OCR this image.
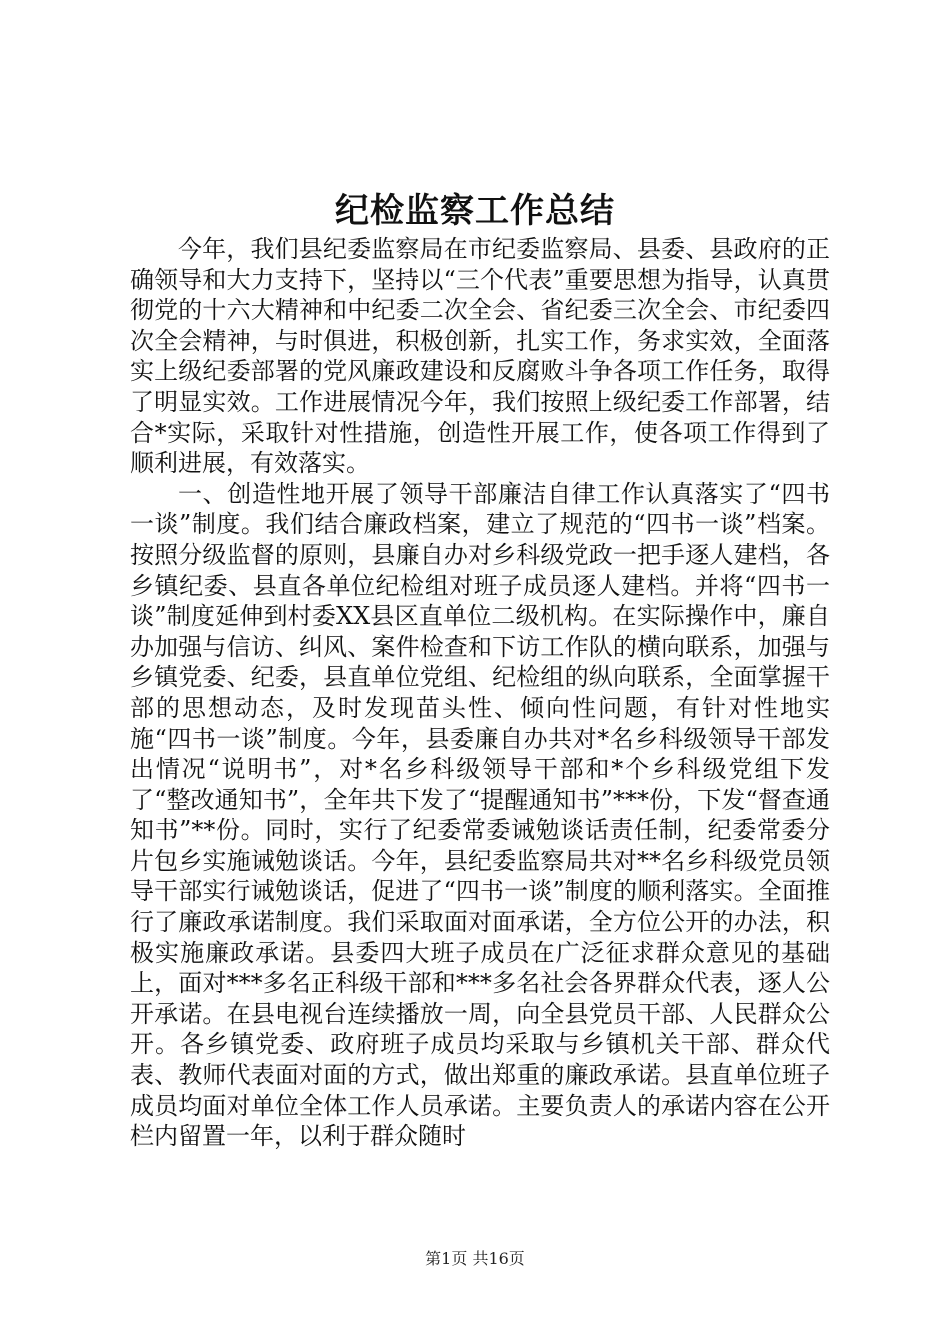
纪检监察工作总结

今年，我们县纪委监察局在市纪委监察局、县委、县政府的正确领导和大力支持下，坚持以“三个代表”重要思想为指导，认真贯彻党的十六大精神和中纪委二次全会、省纪委三次全会、市纪委四次全会精神，与时俱进，积极创新，扎实工作，务求实效，全面落实上级纪委部署的党风廉政建设和反腐败斗争各项工作任务，取得了明显实效。工作进展情况今年，我们按照上级纪委工作部署，结合*实际，采取针对性措施，创造性开展工作，使各项工作得到了顺利进展，有效落实。

一、创造性地开展了领导干部廉洁自律工作认真落实了“四书一谈”制度。我们结合廉政档案，建立了规范的“四书一谈”档案。按照分级监督的原则，县廉自办对乡科级党政一把手逐人建档，各乡镇纪委、县直各单位纪检组对班子成员逐人建档。并将“四书一谈”制度延伸到村委XX县区直单位二级机构。在实际操作中，廉自办加强与信访、纠风、案件检查和下访工作队的横向联系，加强与乡镇党委、纪委，县直单位党组、纪检组的纵向联系，全面掌握干部的思想动态，及时发现苗头性、倾向性问题，有针对性地实施“四书一谈”制度。今年，县委廉自办共对*名乡科级领导干部发出情况“说明书”，对*名乡科级领导干部和*个乡科级党组下发了“整改通知书”，全年共下发了“提醒通知书”***份，下发“督查通知书”**份。同时，实行了纪委常委诫勉谈话责任制，纪委常委分片包乡实施诫勉谈话。今年，县纪委监察局共对**名乡科级党员领导干部实行诫勉谈话，促进了“四书一谈”制度的顺利落实。全面推行了廉政承诺制度。我们采取面对面承诺，全方位公开的办法，积极实施廉政承诺。县委四大班子成员在广泛征求群众意见的基础上，面对***多名正科级干部和***多名社会各界群众代表，逐人公开承诺。在县电视台连续播放一周，向全县党员干部、人民群众公开。各乡镇党委、政府班子成员均采取与乡镇机关干部、群众代表、教师代表面对面的方式，做出郑重的廉政承诺。县直单位班子成员均面对单位全体工作人员承诺。主要负责人的承诺内容在公开栏内留置一年，以利于群众随时

第1页 共16页
